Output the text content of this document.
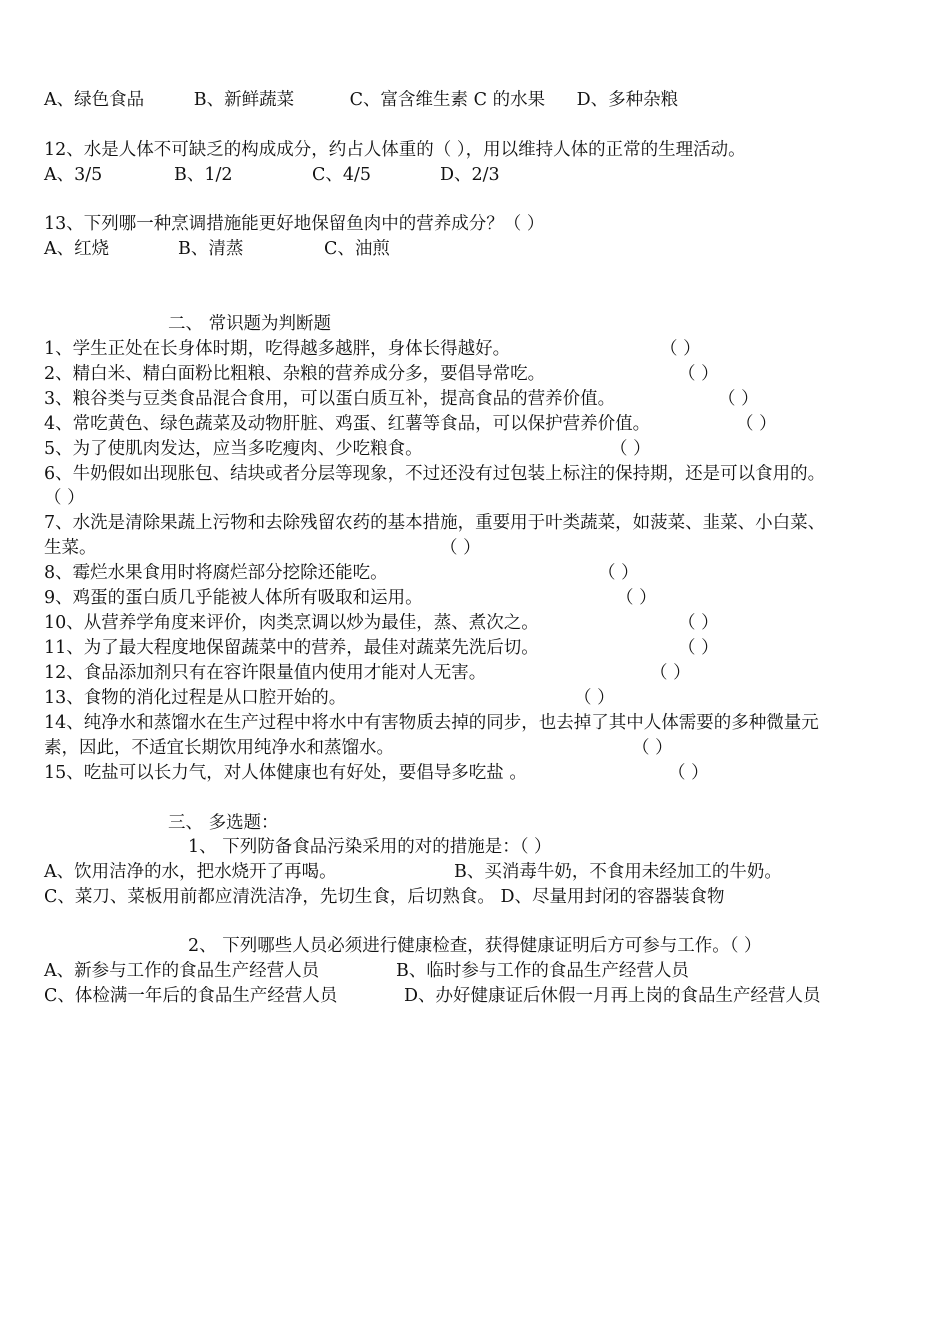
A、绿色食品	B、新鲜蔬菜	C、富含维生素 C 的水果 D、多种杂粮
12、水是人体不可缺乏的构成成分，约占人体重的（ ），用以维持人体的正常的生理活动。
A、3/5	B、1/2	C、4/5	D、2/3
13、下列哪一种烹调措施能更好地保留鱼肉中的营养成分？（ ）
A、红烧	B、清蒸	C、油煎
二、 常识题为判断题
1、学生正处在长身体时期，吃得越多越胖，身体长得越好。	（ ）
2、精白米、精白面粉比粗粮、杂粮的营养成分多，要倡导常吃。	（ ）
3、粮谷类与豆类食品混合食用，可以蛋白质互补，提高食品的营养价值。	（ ）
4、常吃黄色、绿色蔬菜及动物肝脏、鸡蛋、红薯等食品，可以保护营养价值。	（ ）
5、为了使肌肉发达，应当多吃瘦肉、少吃粮食。	（ ）
6、牛奶假如出现胀包、结块或者分层等现象，不过还没有过包装上标注的保持期，还是可以食用的。
（ ）
7、水洗是清除果蔬上污物和去除残留农药的基本措施，重要用于叶类蔬菜，如菠菜、韭菜、小白菜、
生菜。	（ ）
8、霉烂水果食用时将腐烂部分挖除还能吃。	（ ）
9、鸡蛋的蛋白质几乎能被人体所有吸取和运用。	（ ）
10、从营养学角度来评价，肉类烹调以炒为最佳，蒸、煮次之。	（ ）
11、为了最大程度地保留蔬菜中的营养，最佳对蔬菜先洗后切。	（ ）
12、食品添加剂只有在容许限量值内使用才能对人无害。	（ ）
13、食物的消化过程是从口腔开始的。	（ ）
14、纯净水和蒸馏水在生产过程中将水中有害物质去掉的同步，也去掉了其中人体需要的多种微量元
素，因此，不适宜长期饮用纯净水和蒸馏水。	（ ）
15、吃盐可以长力气，对人体健康也有好处，要倡导多吃盐 。	（ ）
三、 多选题：
1、 下列防备食品污染采用的对的措施是：（ ）
A、饮用洁净的水，把水烧开了再喝。	B、买消毒牛奶，不食用未经加工的牛奶。
C、菜刀、菜板用前都应清洗洁净，先切生食，后切熟食。 D、尽量用封闭的容器装食物
2、 下列哪些人员必须进行健康检查，获得健康证明后方可参与工作。（ ）
A、新参与工作的食品生产经营人员	B、临时参与工作的食品生产经营人员
C、体检满一年后的食品生产经营人员	D、办好健康证后休假一月再上岗的食品生产经营人员
